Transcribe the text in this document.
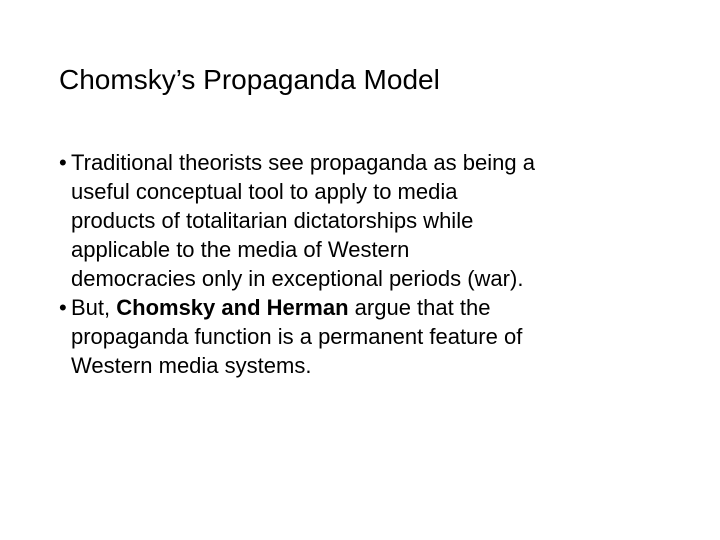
Chomsky’s Propaganda Model
• Traditional theorists see propaganda as being a
useful conceptual tool to apply to media
products of totalitarian dictatorships while
applicable to the media of Western
democracies only in exceptional periods (war).
• But, Chomsky and Herman argue that the
propaganda function is a permanent feature of
Western media systems.
